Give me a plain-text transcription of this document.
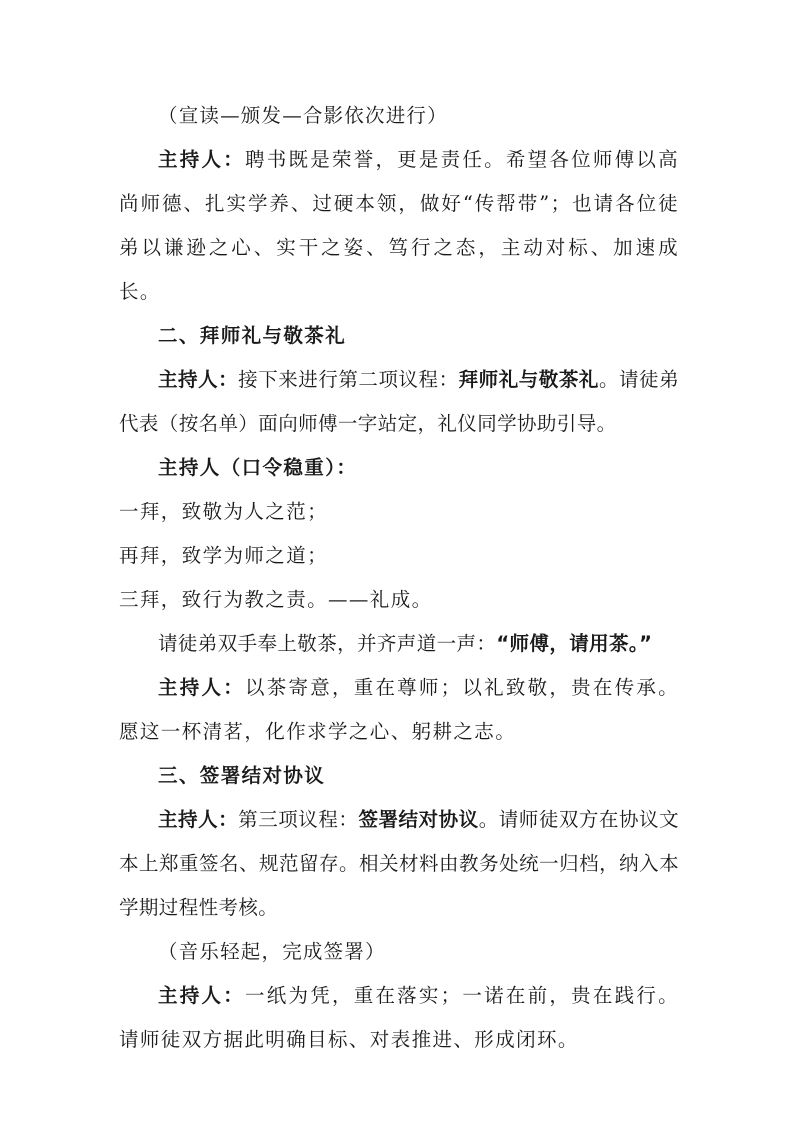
（宣读—颁发—合影依次进行）

主持人：聘书既是荣誉，更是责任。希望各位师傅以高尚师德、扎实学养、过硬本领，做好“传帮带”；也请各位徒弟以谦逊之心、实干之姿、笃行之态，主动对标、加速成长。

二、拜师礼与敬茶礼

主持人：接下来进行第二项议程：拜师礼与敬茶礼。请徒弟代表（按名单）面向师傅一字站定，礼仪同学协助引导。

主持人（口令稳重）：

一拜，致敬为人之范；

再拜，致学为师之道；

三拜，致行为教之责。——礼成。

请徒弟双手奉上敬茶，并齐声道一声：“师傅，请用茶。”

主持人：以茶寄意，重在尊师；以礼致敬，贵在传承。愿这一杯清茗，化作求学之心、躬耕之志。

三、签署结对协议

主持人：第三项议程：签署结对协议。请师徒双方在协议文本上郑重签名、规范留存。相关材料由教务处统一归档，纳入本学期过程性考核。

（音乐轻起，完成签署）

主持人：一纸为凭，重在落实；一诺在前，贵在践行。请师徒双方据此明确目标、对表推进、形成闭环。
